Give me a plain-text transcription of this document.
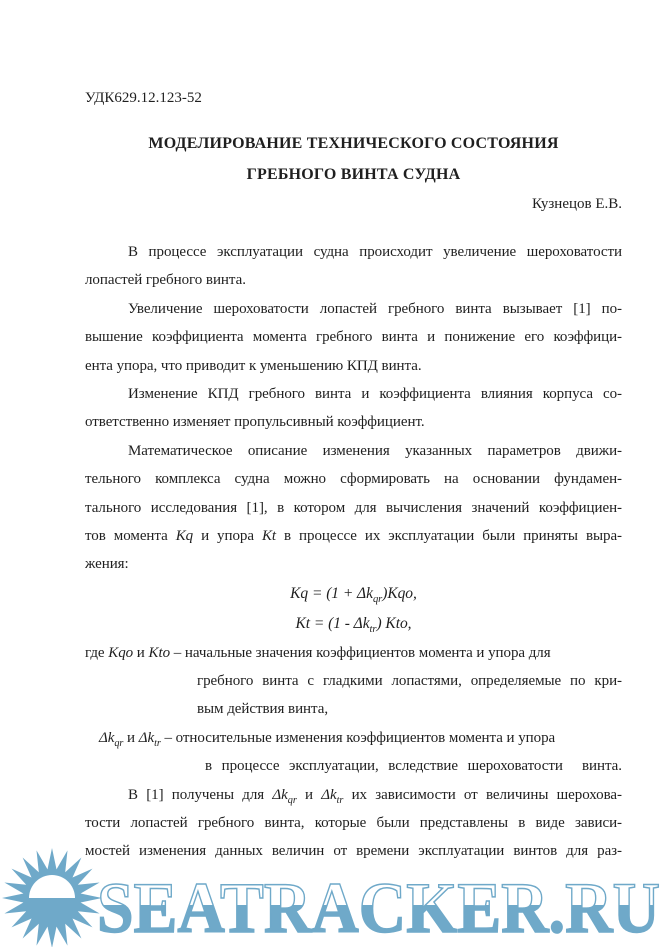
УДК629.12.123-52
МОДЕЛИРОВАНИЕ ТЕХНИЧЕСКОГО СОСТОЯНИЯ
ГРЕБНОГО ВИНТА СУДНА
Кузнецов Е.В.
В процессе эксплуатации судна происходит увеличение шероховатости
лопастей гребного винта.
Увеличение шероховатости лопастей гребного винта вызывает [1] по-
вышение коэффициента момента гребного винта и понижение его коэффици-
ента упора, что приводит к уменьшению КПД винта.
Изменение КПД гребного винта и коэффициента влияния корпуса со-
ответственно изменяет пропульсивный коэффициент.
Математическое описание изменения указанных параметров движи-
тельного комплекса судна можно сформировать на основании фундамен-
тального исследования [1], в котором для вычисления значений коэффициен-
тов момента Kq и упора Kt в процессе их эксплуатации были приняты выра-
жения:
$Kq = (1 + \Delta k_{qr})Kqo$,
$Kt = (1 - \Delta k_{tr})$ Kto,
где Kqo и Kto – начальные значения коэффициентов момента и упора для
гребного винта с гладкими лопастями, определяемые по кри-
вым действия винта,
$\Delta k_{qr}$ и $\Delta k_{tr}$ – относительные изменения коэффициентов момента и упора
в процессе эксплуатации, вследствие шероховатости  винта.
В [1] получены для $\Delta k_{qr}$ и $\Delta k_{tr}$ их зависимости от величины шерохова-
тости лопастей гребного винта, которые были представлены в виде зависи-
мостей изменения данных величин от времени эксплуатации винтов для раз-
SEATRACKER.RU
